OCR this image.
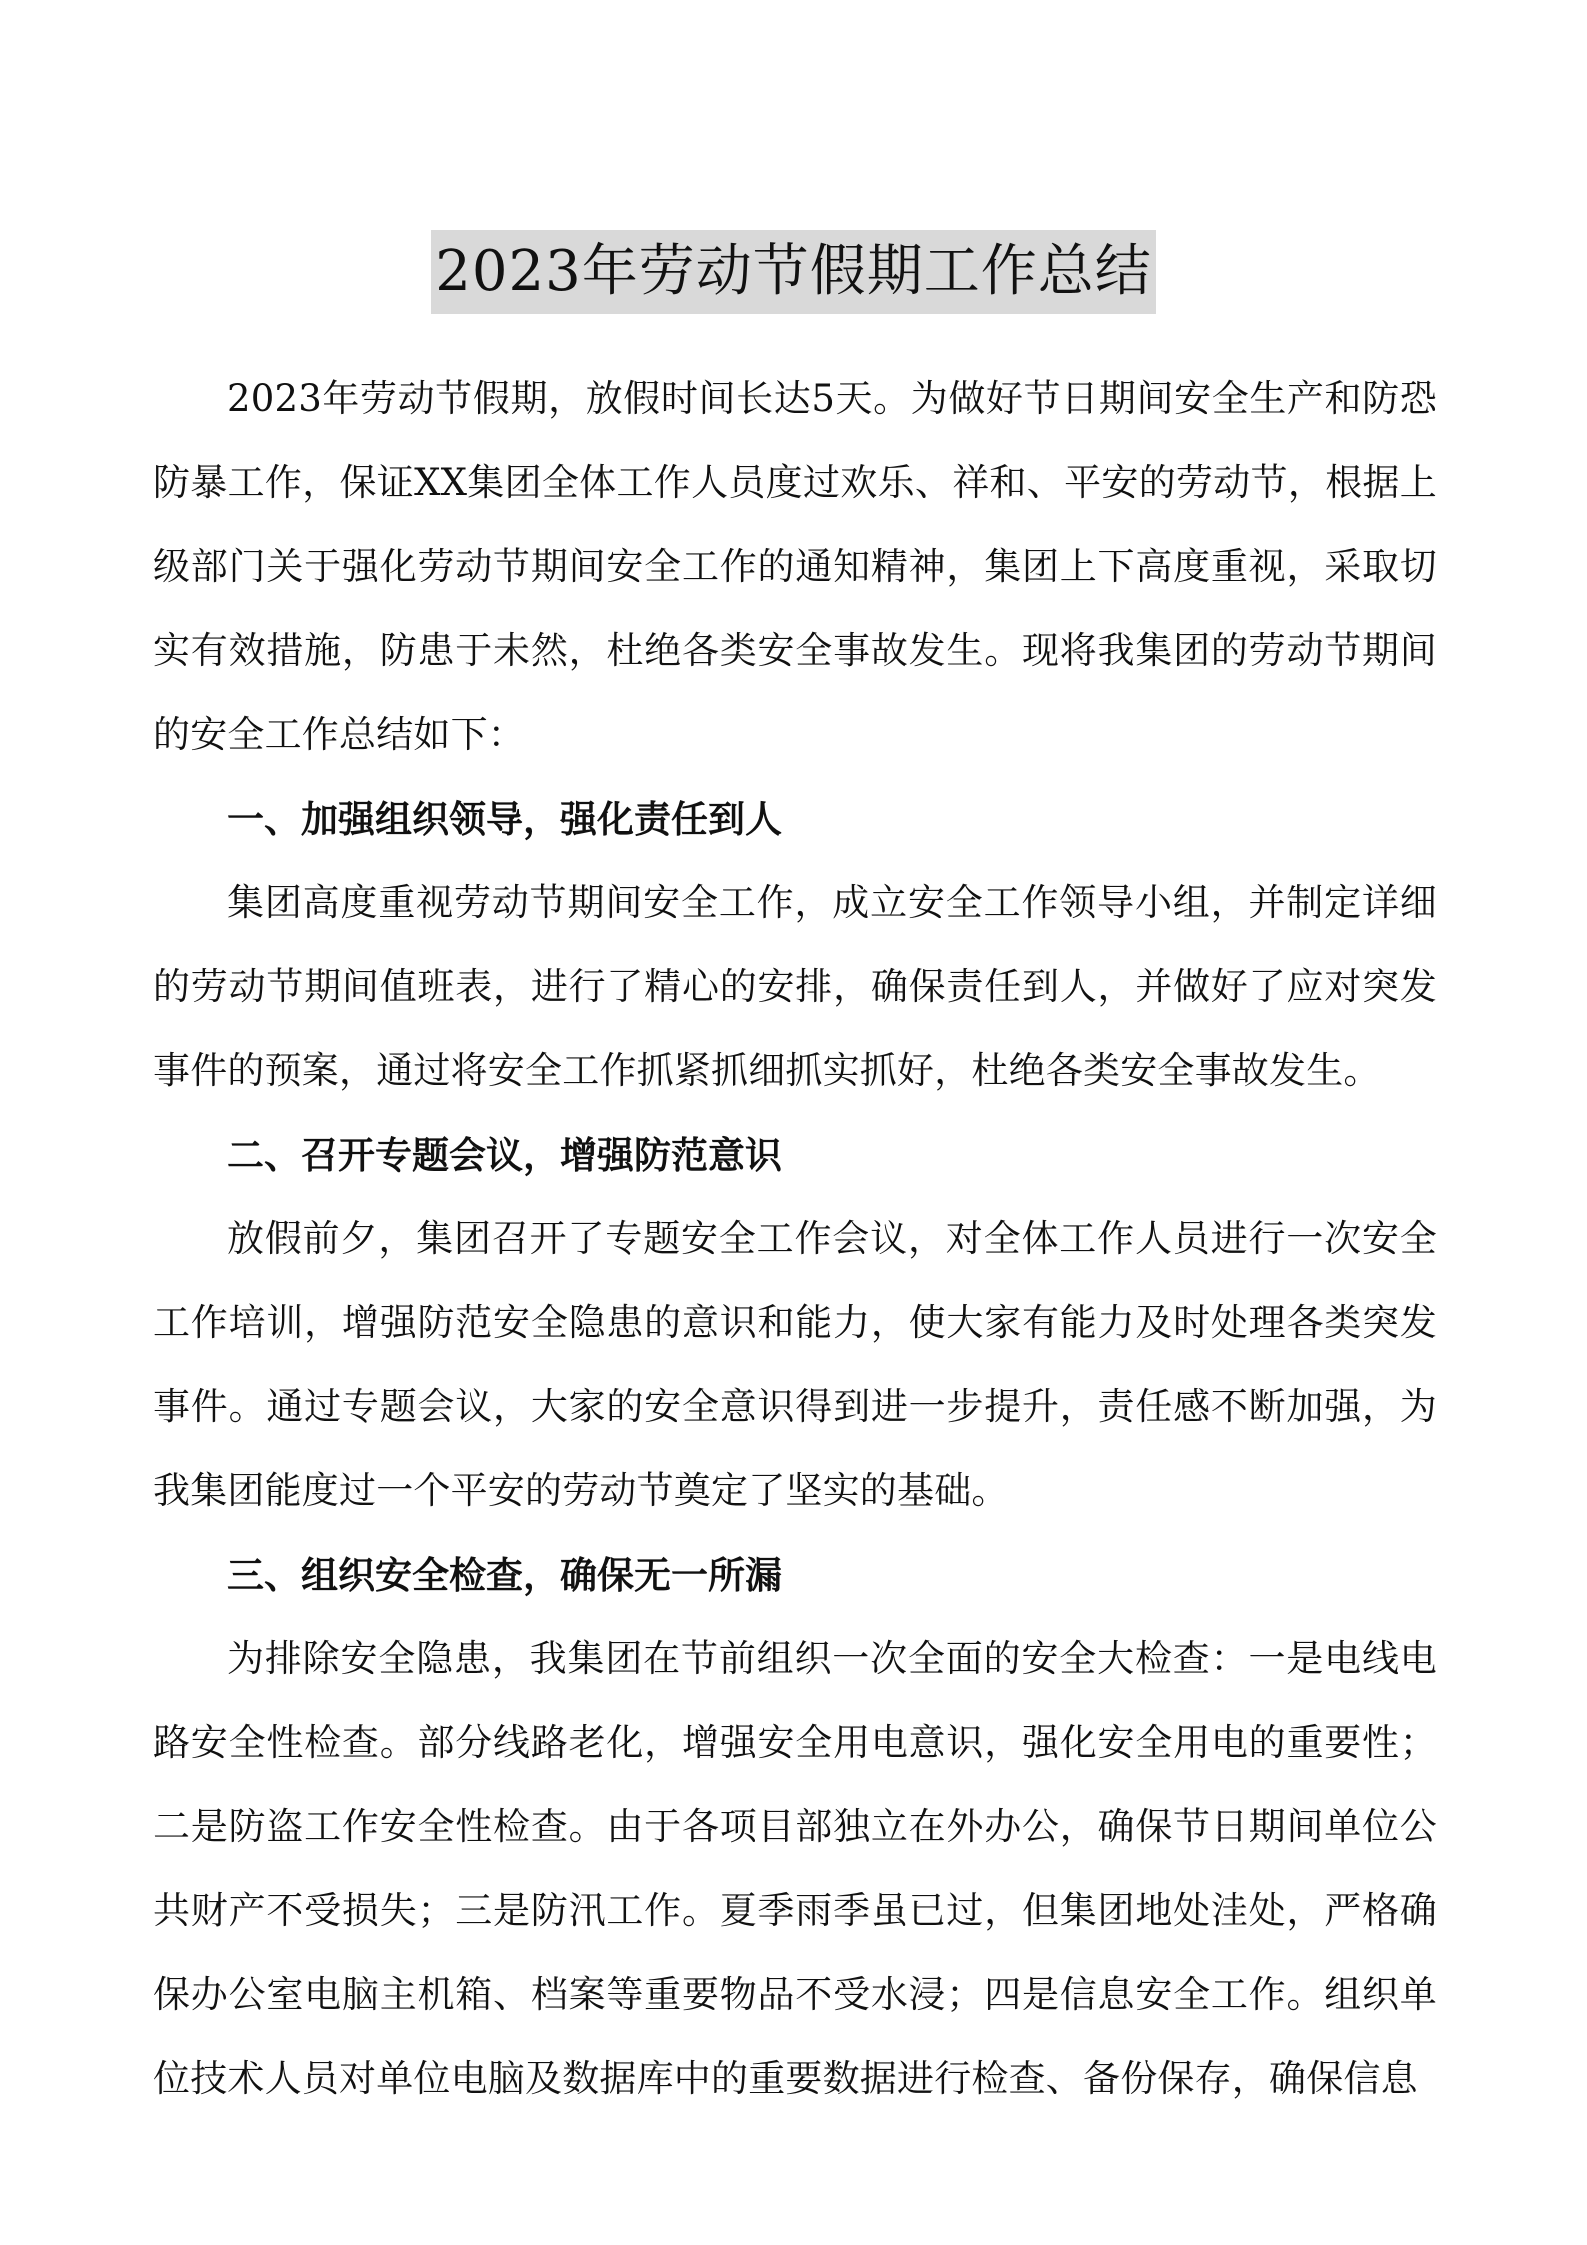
2023年劳动节假期工作总结

2023年劳动节假期，放假时间长达5天。为做好节日期间安全生产和防恐防暴工作，保证XX集团全体工作人员度过欢乐、祥和、平安的劳动节，根据上级部门关于强化劳动节期间安全工作的通知精神，集团上下高度重视，采取切实有效措施，防患于未然，杜绝各类安全事故发生。现将我集团的劳动节期间的安全工作总结如下：

一、加强组织领导，强化责任到人

集团高度重视劳动节期间安全工作，成立安全工作领导小组，并制定详细的劳动节期间值班表，进行了精心的安排，确保责任到人，并做好了应对突发事件的预案，通过将安全工作抓紧抓细抓实抓好，杜绝各类安全事故发生。

二、召开专题会议，增强防范意识

放假前夕，集团召开了专题安全工作会议，对全体工作人员进行一次安全工作培训，增强防范安全隐患的意识和能力，使大家有能力及时处理各类突发事件。通过专题会议，大家的安全意识得到进一步提升，责任感不断加强，为我集团能度过一个平安的劳动节奠定了坚实的基础。

三、组织安全检查，确保无一所漏

为排除安全隐患，我集团在节前组织一次全面的安全大检查：一是电线电路安全性检查。部分线路老化，增强安全用电意识，强化安全用电的重要性；二是防盗工作安全性检查。由于各项目部独立在外办公，确保节日期间单位公共财产不受损失；三是防汛工作。夏季雨季虽已过，但集团地处洼处，严格确保办公室电脑主机箱、档案等重要物品不受水浸；四是信息安全工作。组织单位技术人员对单位电脑及数据库中的重要数据进行检查、备份保存，确保信息
